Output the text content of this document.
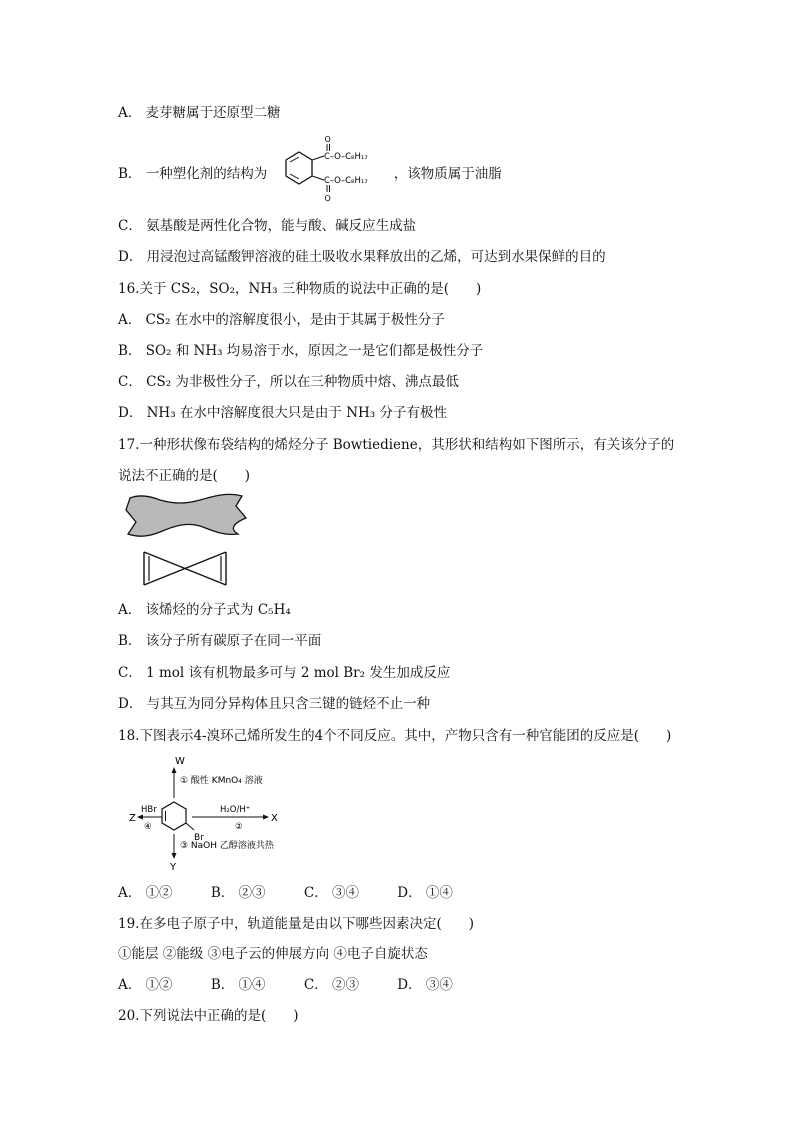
A． 麦芽糖属于还原型二糖
B． 一种塑化剂的结构为	，该物质属于油脂
O
C–O–C₈H₁₇
C–O–C₈H₁₇
O
C． 氨基酸是两性化合物，能与酸、碱反应生成盐
D． 用浸泡过高锰酸钾溶液的硅土吸收水果释放出的乙烯，可达到水果保鲜的目的
16.关于 CS₂，SO₂，NH₃ 三种物质的说法中正确的是(　　)
A． CS₂ 在水中的溶解度很小，是由于其属于极性分子
B． SO₂ 和 NH₃ 均易溶于水，原因之一是它们都是极性分子
C． CS₂ 为非极性分子，所以在三种物质中熔、沸点最低
D． NH₃ 在水中溶解度很大只是由于 NH₃ 分子有极性
17.一种形状像布袋结构的烯烃分子 Bowtiediene，其形状和结构如下图所示，有关该分子的
说法不正确的是(　　)
A． 该烯烃的分子式为 C₅H₄
B． 该分子所有碳原子在同一平面
C． 1 mol 该有机物最多可与 2 mol Br₂ 发生加成反应
D． 与其互为同分异构体且只含三键的链烃不止一种
18.下图表示4-溴环己烯所发生的4个不同反应。其中，产物只含有一种官能团的反应是(　　)
W
① 酸性 KMnO₄ 溶液
Z
HBr
④
Br
H₂O/H⁺
②
X
Y
③ NaOH 乙醇溶液共热
A． ①②	B． ②③	C． ③④	D． ①④
19.在多电子原子中，轨道能量是由以下哪些因素决定(　　)
①能层 ②能级 ③电子云的伸展方向 ④电子自旋状态
A． ①②	B． ①④	C． ②③	D． ③④
20.下列说法中正确的是(　　)
